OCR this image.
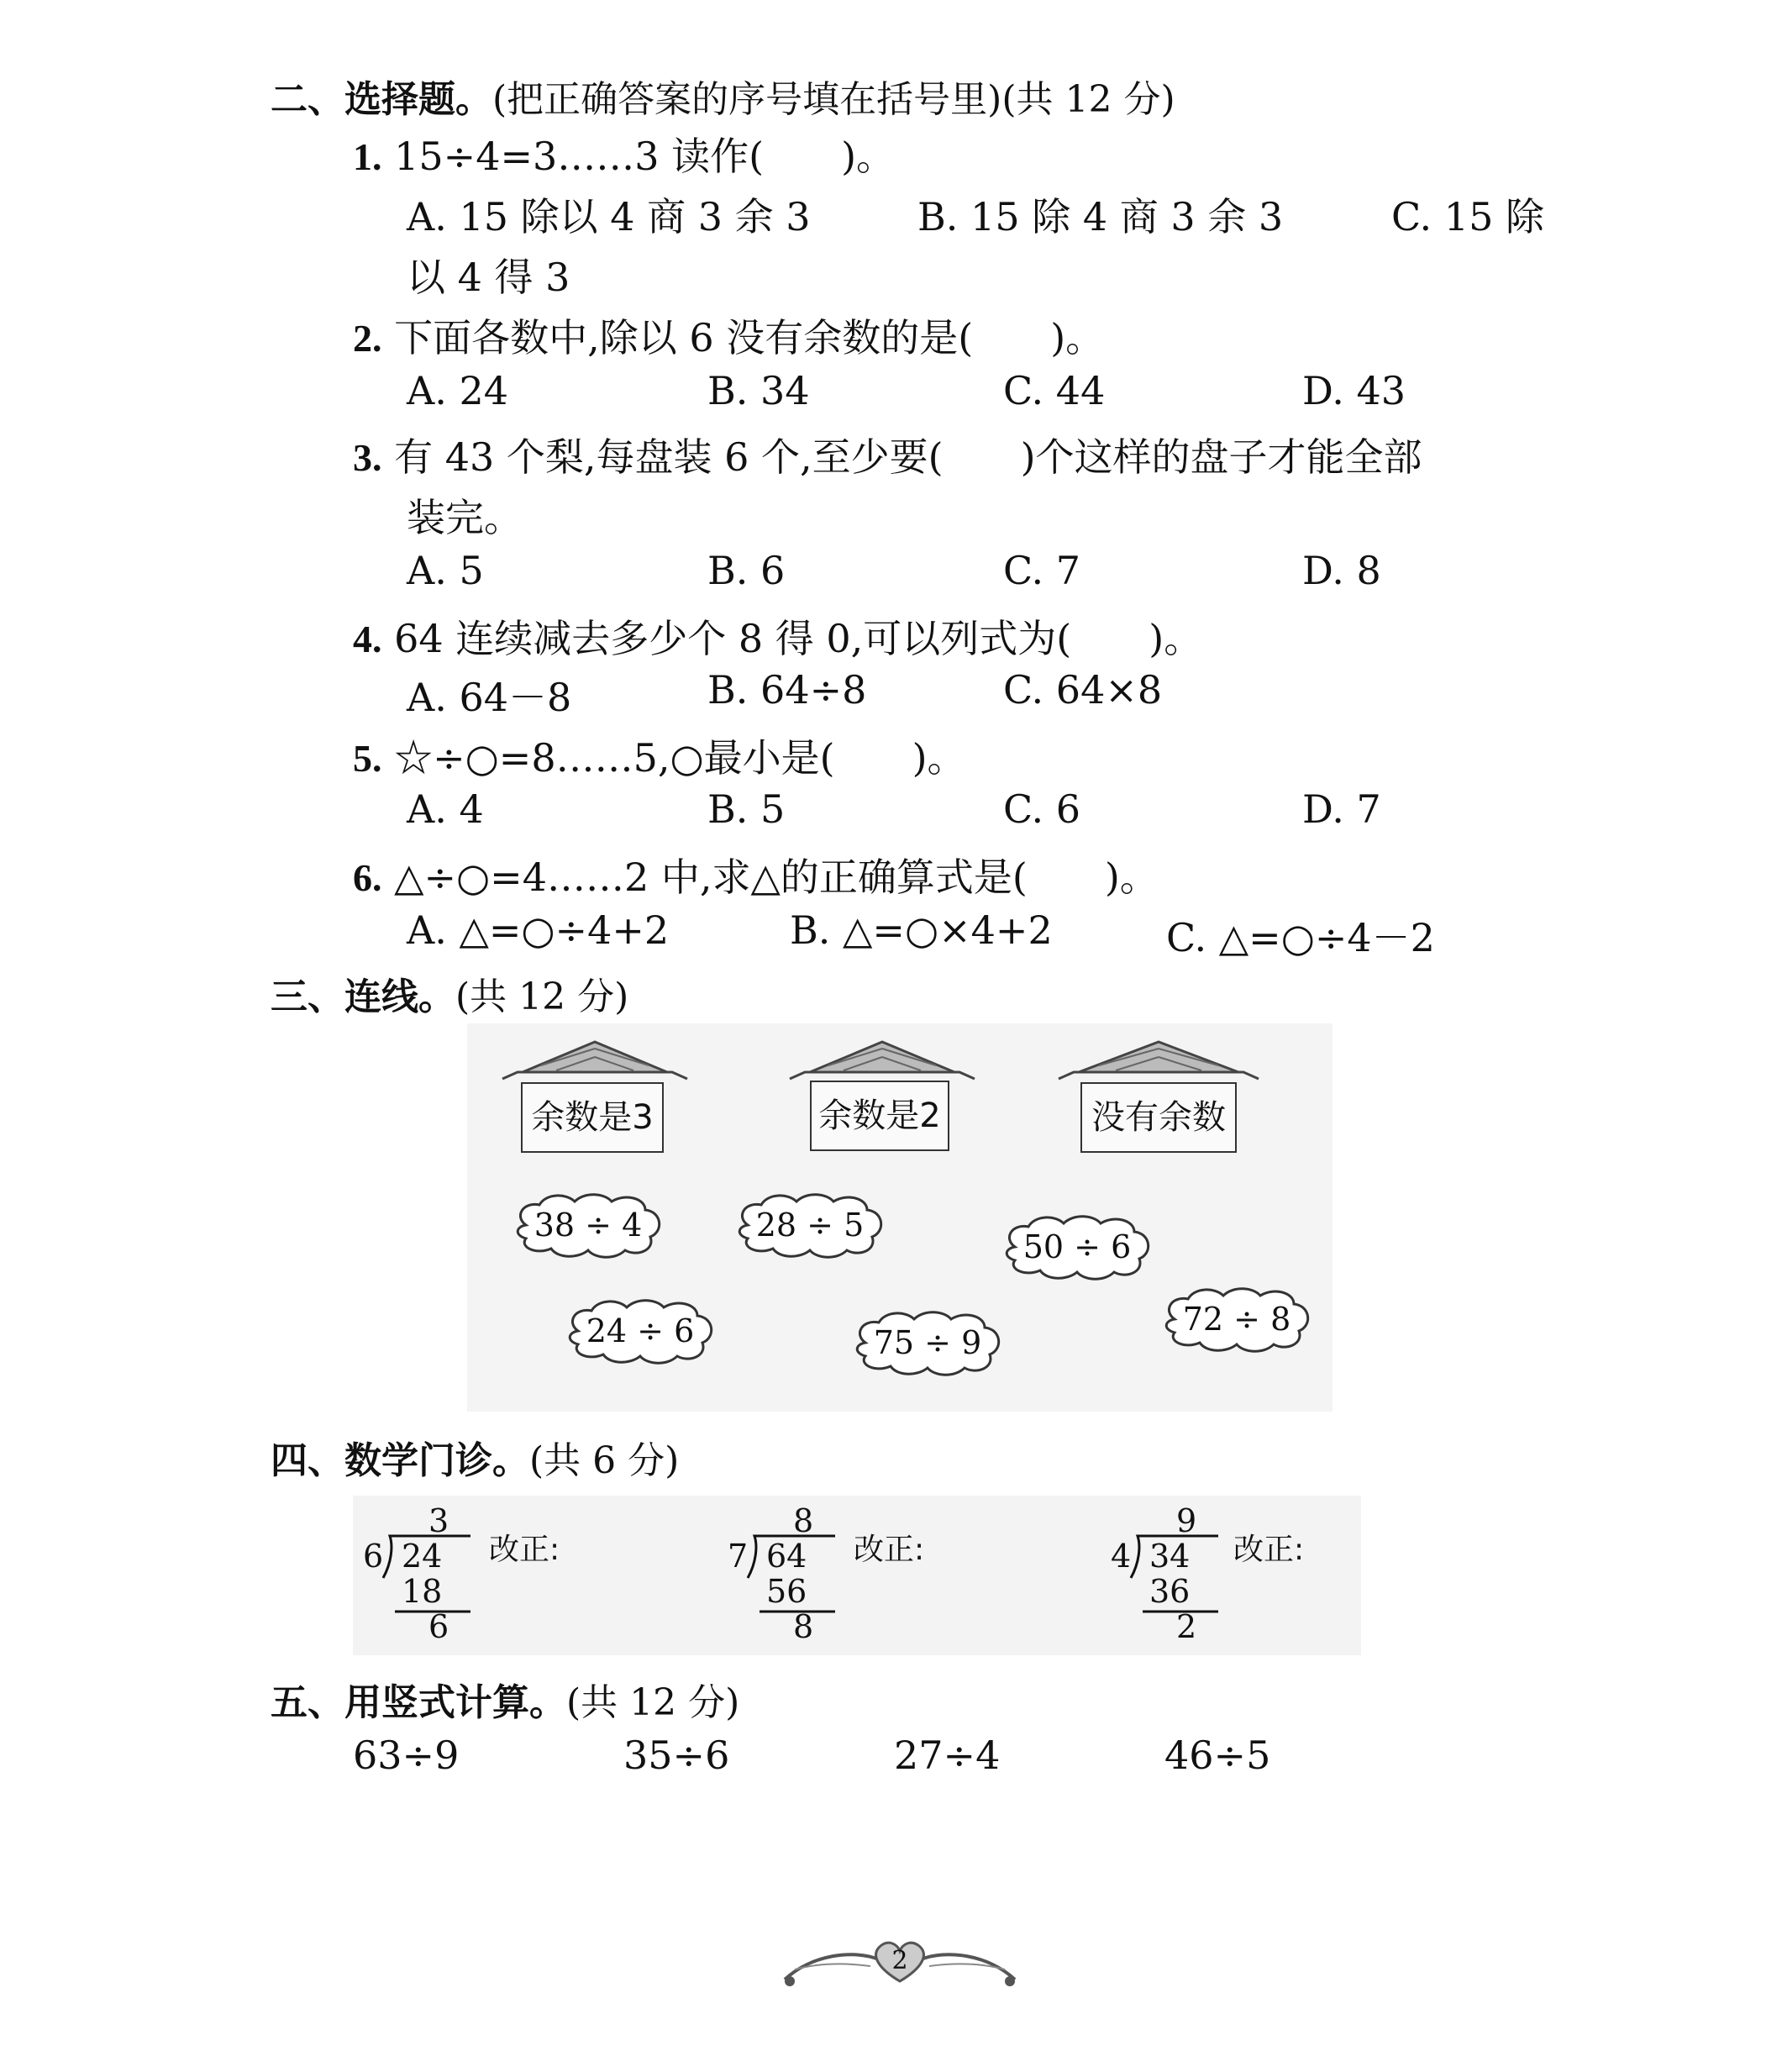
二、选择题。(把正确答案的序号填在括号里)(共 12 分)
1. 15÷4=3……3 读作(　　)。
A. 15 除以 4 商 3 余 3	B. 15 除 4 商 3 余 3	C. 15 除
以 4 得 3
2. 下面各数中,除以 6 没有余数的是(　　)。
A. 24	B. 34	C. 44	D. 43
3. 有 43 个梨,每盘装 6 个,至少要(　　)个这样的盘子才能全部
装完。
A. 5	B. 6	C. 7	D. 8
4. 64 连续减去多少个 8 得 0,可以列式为(　　)。
A. 64－8	B. 64÷8	C. 64×8
5. ☆÷○=8……5,○最小是(　　)。
A. 4	B. 5	C. 6	D. 7
6. △÷○=4……2 中,求△的正确算式是(　　)。
A. △=○÷4+2	B. △=○×4+2	C. △=○÷4－2
三、连线。(共 12 分)
余数是3	余数是2	没有余数
38 ÷ 4	28 ÷ 5
50 ÷ 6
24 ÷ 6	75 ÷ 9
72 ÷ 8
四、数学门诊。(共 6 分)
3
6 24
18
6
改正:
8
7 64
56
8
改正:
9
4 34
36
2
改正:
五、用竖式计算。(共 12 分)
63÷9	35÷6	27÷4	46÷5
2
